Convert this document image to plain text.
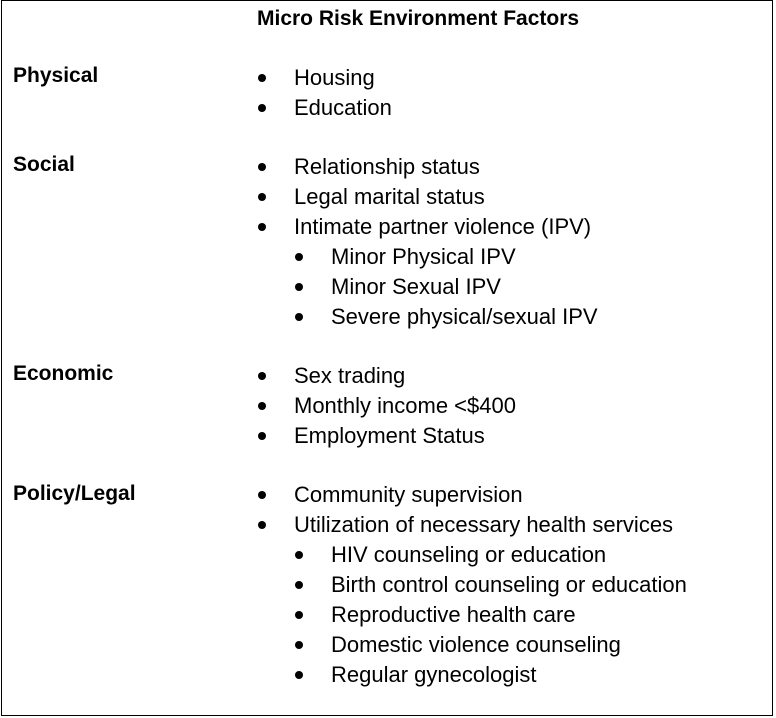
Micro Risk Environment Factors
Physical	Housing
Education
Social	Relationship status
Legal marital status
Intimate partner violence (IPV)
Minor Physical IPV
Minor Sexual IPV
Severe physical/sexual IPV
Economic	Sex trading
Monthly income <$400
Employment Status
Policy/Legal	Community supervision
Utilization of necessary health services
HIV counseling or education
Birth control counseling or education
Reproductive health care
Domestic violence counseling
Regular gynecologist
